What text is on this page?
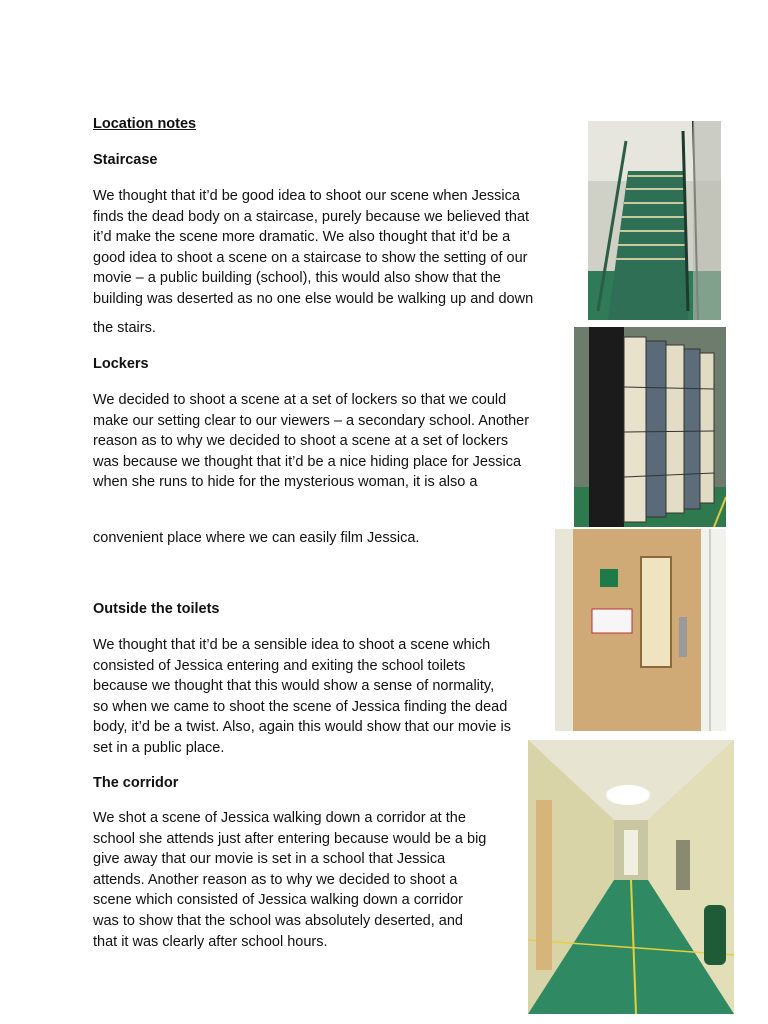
Location notes
Staircase
We thought that it’d be good idea to shoot our scene when Jessica
finds the dead body on a staircase, purely because we believed that
it’d make the scene more dramatic. We also thought that it’d be a
good idea to shoot a scene on a staircase to show the setting of our
movie – a public building (school), this would also show that the
building was deserted as no one else would be walking up and down
the stairs.
Lockers
We decided to shoot a scene at a set of lockers so that we could
make our setting clear to our viewers – a secondary school. Another
reason as to why we decided to shoot a scene at a set of lockers
was because we thought that it’d be a nice hiding place for Jessica
when she runs to hide for the mysterious woman, it is also a
convenient place where we can easily film Jessica.
Outside the toilets
We thought that it’d be a sensible idea to shoot a scene which
consisted of Jessica entering and exiting the school toilets
because we thought that this would show a sense of normality,
so when we came to shoot the scene of Jessica finding the dead
body, it’d be a twist. Also, again this would show that our movie is
set in a public place.
The corridor
We shot a scene of Jessica walking down a corridor at the
school she attends just after entering because would be a big
give away that our movie is set in a school that Jessica
attends. Another reason as to why we decided to shoot a
scene which consisted of Jessica walking down a corridor
was to show that the school was absolutely deserted, and
that it was clearly after school hours.
